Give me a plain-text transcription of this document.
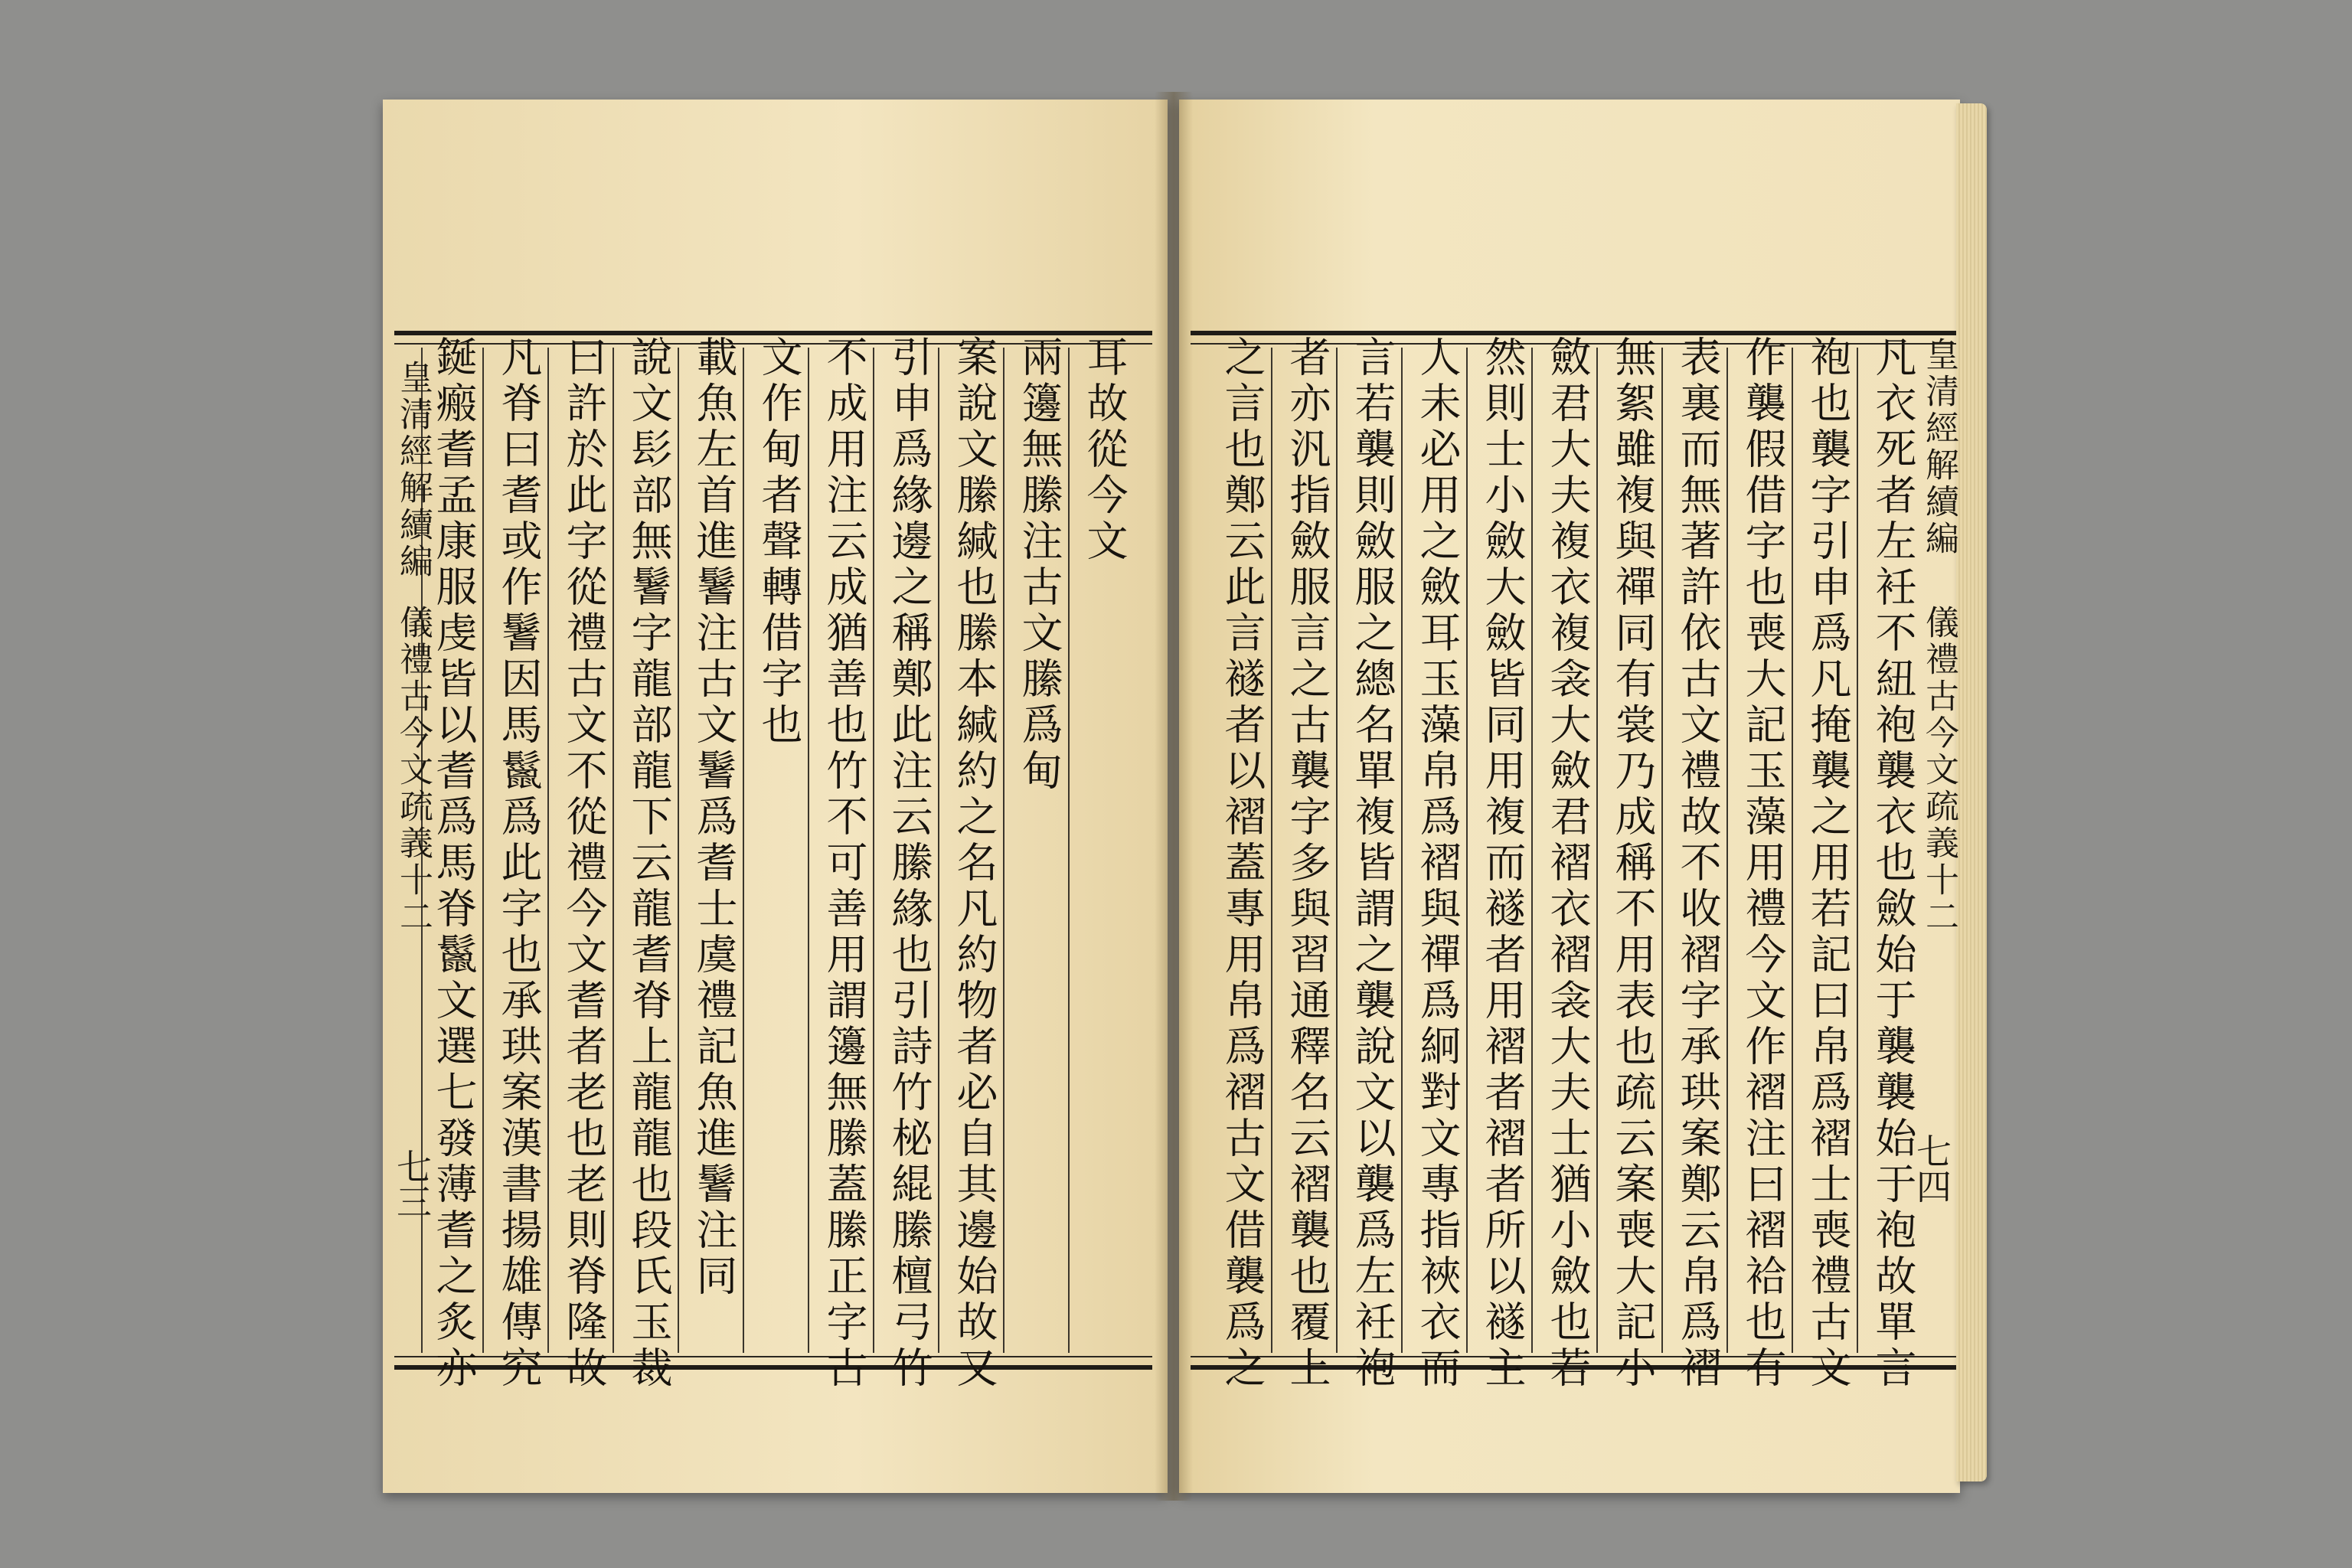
耳故從今文
兩籩無縢注古文縢爲甸
案說文縢緘也縢本緘約之名凡約物者必自其邊始故又
引申爲緣邊之稱鄭此注云縢緣也引詩竹柲緄縢檀弓竹
不成用注云成猶善也竹不可善用謂籩無縢蓋縢正字古
文作甸者聲轉借字也
載魚左首進鬐注古文鬐爲耆士虞禮記魚進鬐注同
說文髟部無鬐字龍部龍下云龍耆脊上龍龍也段氏玉裁
曰許於此字從禮古文不從禮今文耆者老也老則脊隆故
凡脊曰耆或作鬐因馬鬣爲此字也承珙案漢書揚雄傳究
鋋瘢耆孟康服虔皆以耆爲馬脊鬣文選七發薄耆之炙亦
皇清經解續編
儀禮古今文疏義十二
七三	凡衣死者左衽不紐袍襲衣也斂始于襲襲始于袍故單言
袍也襲字引申爲凡掩襲之用若記曰帛爲褶士喪禮古文
作襲假借字也喪大記玉藻用禮今文作褶注曰褶袷也有
表裏而無著許依古文禮故不收褶字承珙案鄭云帛爲褶
無絮雖複與禪同有裳乃成稱不用表也疏云案喪大記小
斂君大夫複衣複衾大斂君褶衣褶衾大夫士猶小斂也若
然則士小斂大斂皆同用複而襚者用褶者褶者所以襚主
人未必用之斂耳玉藻帛爲褶與禪爲絅對文專指裌衣而
言若襲則斂服之總名單複皆謂之襲說文以襲爲左衽袍
者亦汎指斂服言之古襲字多與習通釋名云褶襲也覆上
之言也鄭云此言襚者以褶蓋專用帛爲褶古文借襲爲之	皇清經解續編
儀禮古今文疏義十二
七四
